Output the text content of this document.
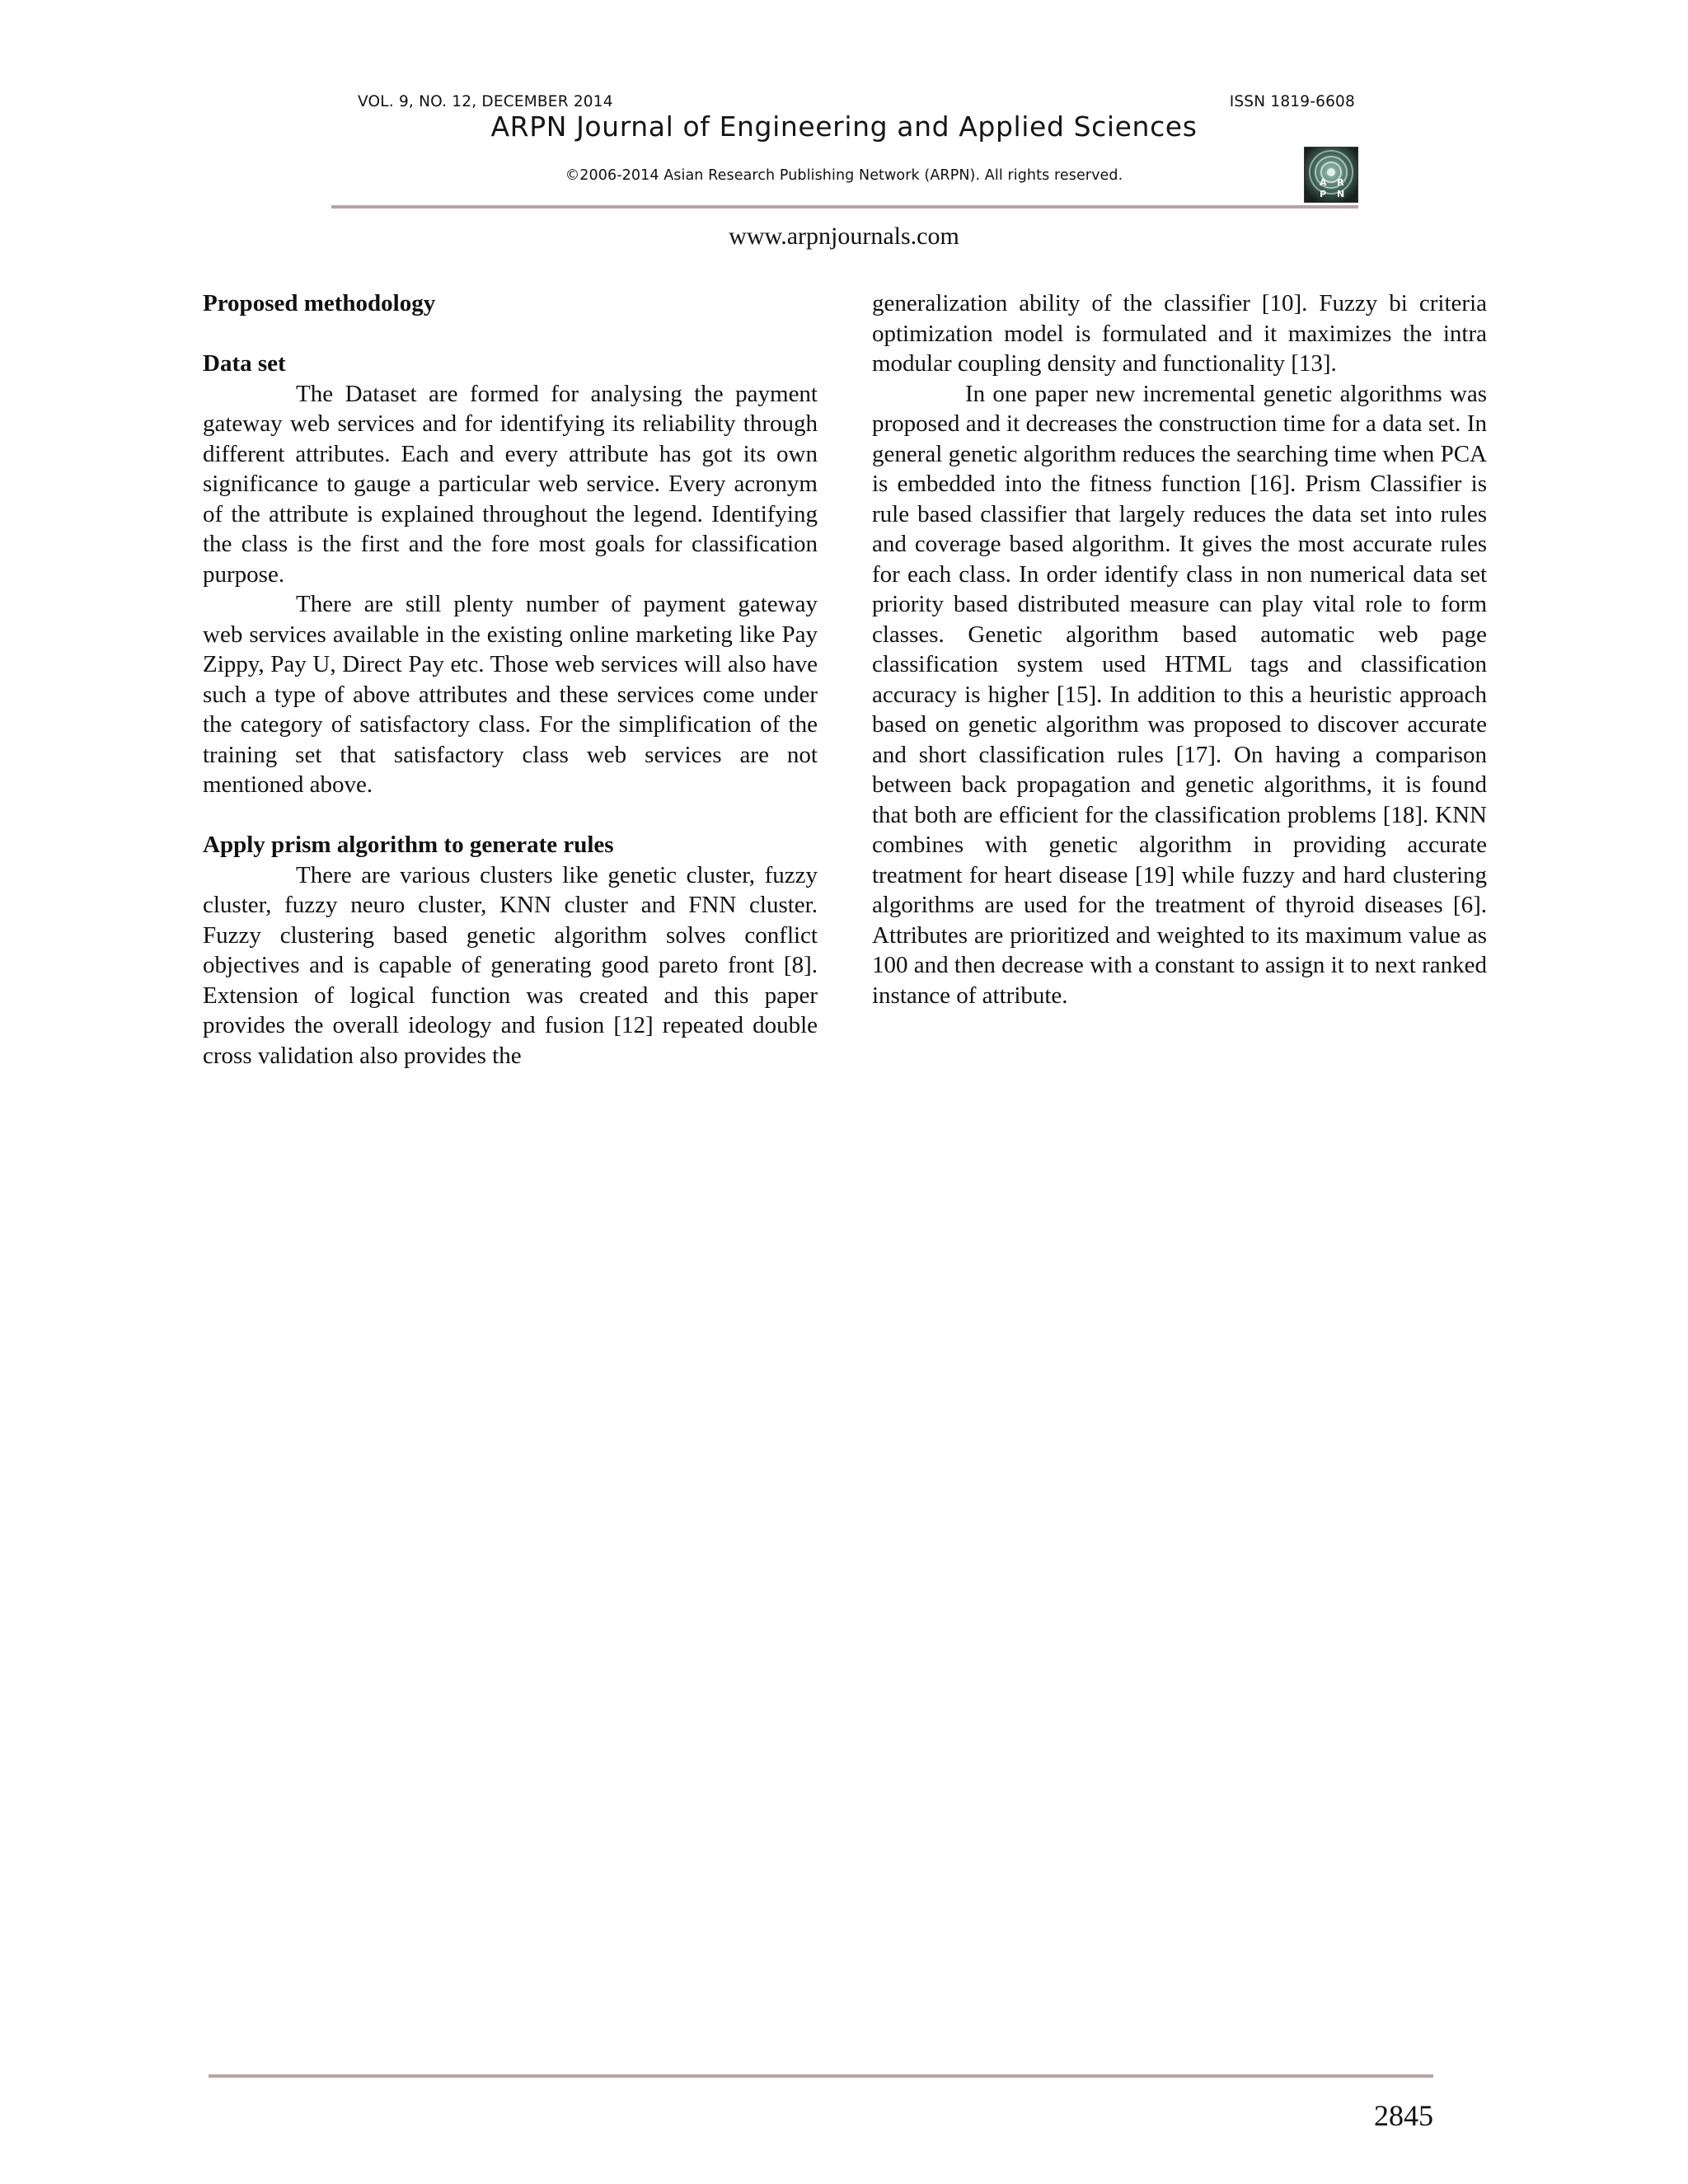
VOL. 9, NO. 12, DECEMBER 2014	ISSN 1819-6608
ARPN Journal of Engineering and Applied Sciences
©2006-2014 Asian Research Publishing Network (ARPN). All rights reserved.	A R
P N
www.arpnjournals.com
Proposed methodology
Data set

The Dataset are formed for analysing the payment gateway web services and for identifying its reliability through different attributes. Each and every attribute has got its own significance to gauge a particular web service. Every acronym of the attribute is explained throughout the legend. Identifying the class is the first and the fore most goals for classification purpose.

There are still plenty number of payment gateway web services available in the existing online marketing like Pay Zippy, Pay U, Direct Pay etc. Those web services will also have such a type of above attributes and these services come under the category of satisfactory class. For the simplification of the training set that satisfactory class web services are not mentioned above.

Apply prism algorithm to generate rules

There are various clusters like genetic cluster, fuzzy cluster, fuzzy neuro cluster, KNN cluster and FNN cluster. Fuzzy clustering based genetic algorithm solves conflict objectives and is capable of generating good pareto front [8]. Extension of logical function was created and this paper provides the overall ideology and fusion [12] repeated double cross validation also provides the

generalization ability of the classifier [10]. Fuzzy bi criteria optimization model is formulated and it maximizes the intra modular coupling density and functionality [13].

In one paper new incremental genetic algorithms was proposed and it decreases the construction time for a data set. In general genetic algorithm reduces the searching time when PCA is embedded into the fitness function [16]. Prism Classifier is rule based classifier that largely reduces the data set into rules and coverage based algorithm. It gives the most accurate rules for each class. In order identify class in non numerical data set priority based distributed measure can play vital role to form classes. Genetic algorithm based automatic web page classification system used HTML tags and classification accuracy is higher [15]. In addition to this a heuristic approach based on genetic algorithm was proposed to discover accurate and short classification rules [17]. On having a comparison between back propagation and genetic algorithms, it is found that both are efficient for the classification problems [18]. KNN combines with genetic algorithm in providing accurate treatment for heart disease [19] while fuzzy and hard clustering algorithms are used for the treatment of thyroid diseases [6]. Attributes are prioritized and weighted to its maximum value as 100 and then decrease with a constant to assign it to next ranked instance of attribute.

2845
